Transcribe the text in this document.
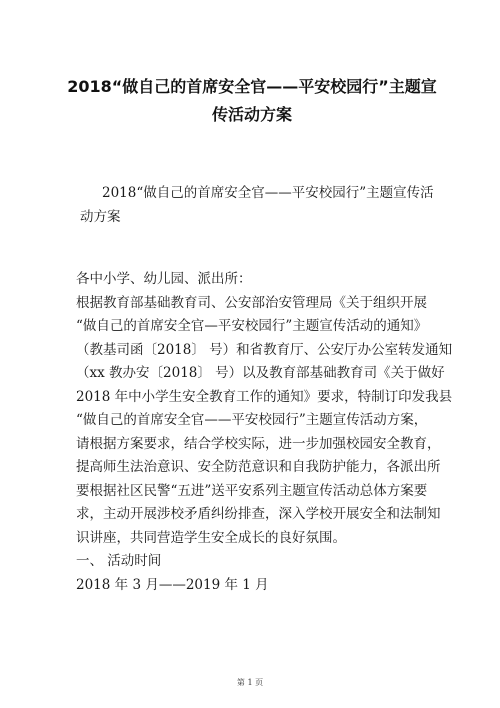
2018“做自己的首席安全官——平安校园行”主题宣传活动方案
2018“做自己的首席安全官——平安校园行”主题宣传活动方案
各中小学、幼儿园、派出所：
根据教育部基础教育司、公安部治安管理局《关于组织开展
“做自己的首席安全官—平安校园行”主题宣传活动的通知》
（教基司函〔2018〕 号）和省教育厅、公安厅办公室转发通知
（xx 教办安〔2018〕 号）以及教育部基础教育司《关于做好
2018 年中小学生安全教育工作的通知》要求，特制订印发我县
“做自己的首席安全官——平安校园行”主题宣传活动方案，
请根据方案要求，结合学校实际，进一步加强校园安全教育，
提高师生法治意识、安全防范意识和自我防护能力，各派出所
要根据社区民警“五进”送平安系列主题宣传活动总体方案要
求，主动开展涉校矛盾纠纷排查，深入学校开展安全和法制知
识讲座，共同营造学生安全成长的良好氛围。
一、 活动时间
2018 年 3 月——2019 年 1 月
第 1 页
